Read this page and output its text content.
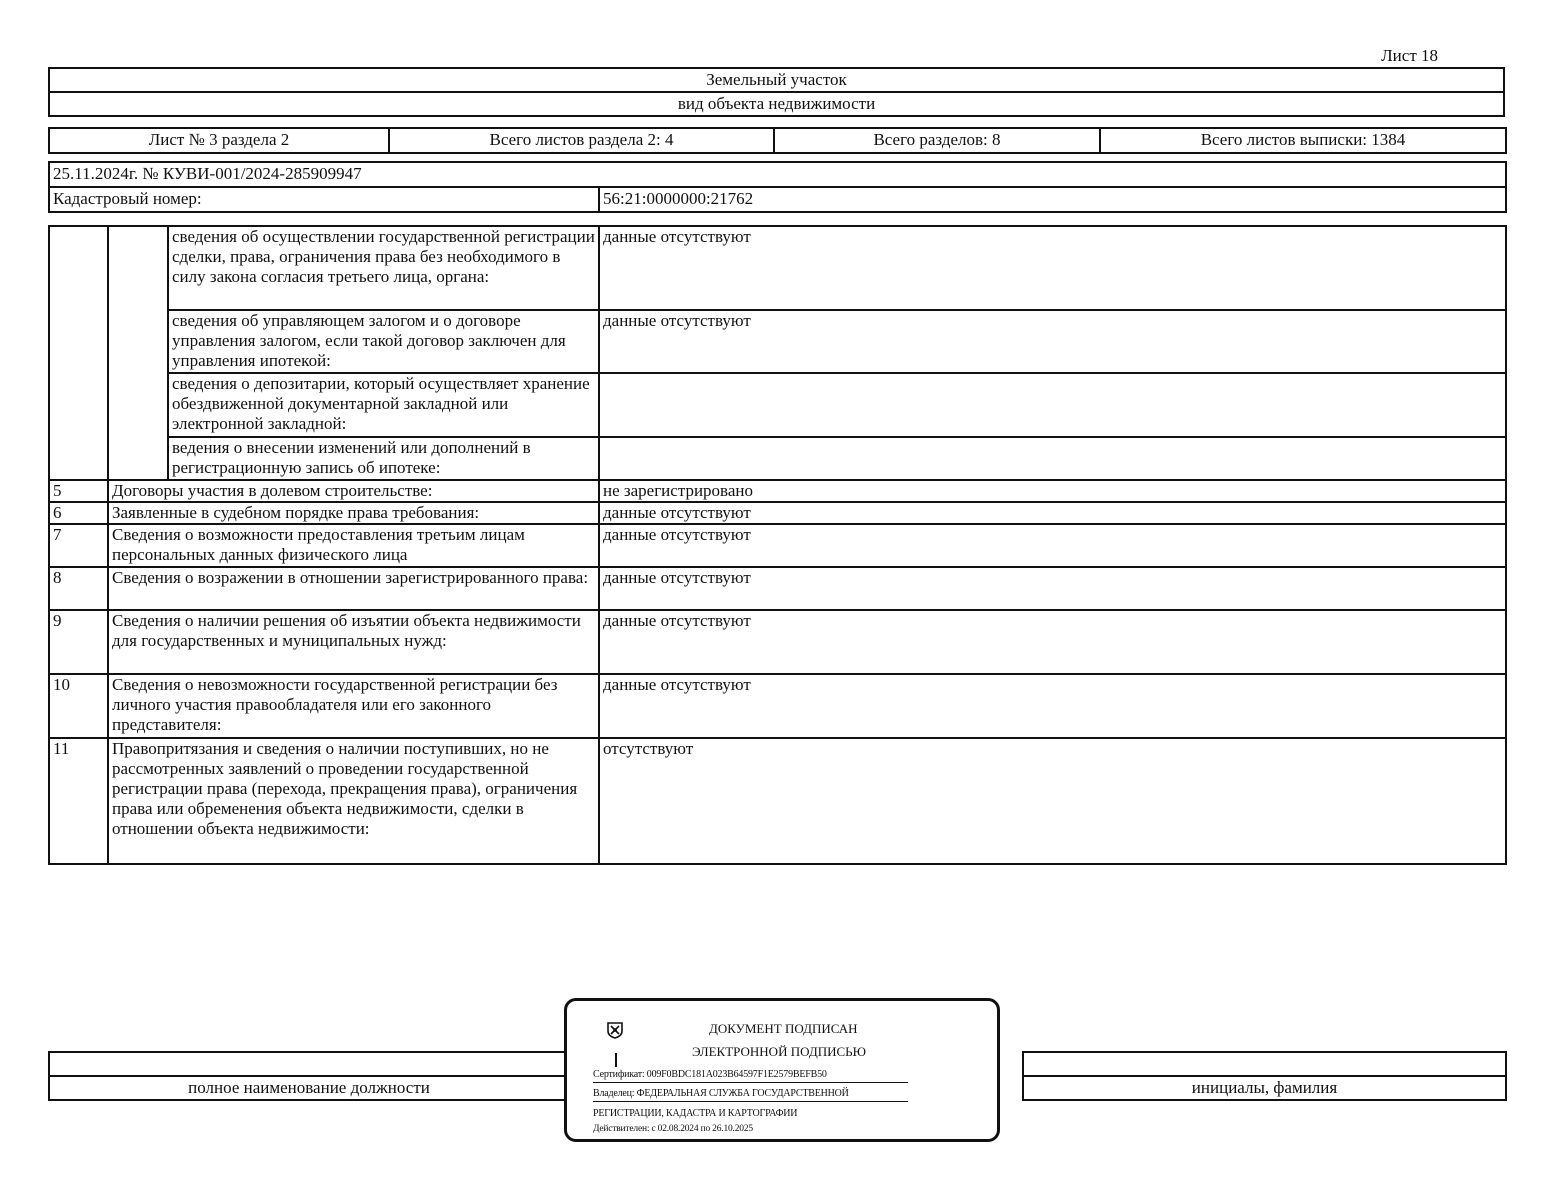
Лист 18
Земельный участок
вид объекта недвижимости
Лист № 3 раздела 2	Всего листов раздела 2: 4	Всего разделов: 8	Всего листов выписки: 1384
25.11.2024г. № КУВИ-001/2024-285909947
Кадастровый номер:	56:21:0000000:21762
		сведения об осуществлении государственной регистрации сделки, права, ограничения права без необходимого в силу закона согласия третьего лица, органа:	данные отсутствуют
		сведения об управляющем залогом и о договоре управления залогом, если такой договор заключен для управления ипотекой:	данные отсутствуют
		сведения о депозитарии, который осуществляет хранение обездвиженной документарной закладной или электронной закладной:	
		ведения о внесении изменений или дополнений в регистрационную запись об ипотеке:	
5	Договоры участия в долевом строительстве:		не зарегистрировано
6	Заявленные в судебном порядке права требования:		данные отсутствуют
7	Сведения о возможности предоставления третьим лицам персональных данных физического лица		данные отсутствуют
8	Сведения о возражении в отношении зарегистрированного права:		данные отсутствуют
9	Сведения о наличии решения об изъятии объекта недвижимости для государственных и муниципальных нужд:		данные отсутствуют
10	Сведения о невозможности государственной регистрации без личного участия правообладателя или его законного представителя:		данные отсутствуют
11	Правопритязания и сведения о наличии поступивших, но не рассмотренных заявлений о проведении государственной регистрации права (перехода, прекращения права), ограничения права или обременения объекта недвижимости, сделки в отношении объекта недвижимости:		отсутствуют

полное наименование должности		инициалы, фамилия
ДОКУМЕНТ ПОДПИСАН
ЭЛЕКТРОННОЙ ПОДПИСЬЮ
Сертификат: 009F0BDC181A023B64597F1E2579BEFB50
Владелец: ФЕДЕРАЛЬНАЯ СЛУЖБА ГОСУДАРСТВЕННОЙ
РЕГИСТРАЦИИ, КАДАСТРА И КАРТОГРАФИИ
Действителен: с 02.08.2024 по 26.10.2025
